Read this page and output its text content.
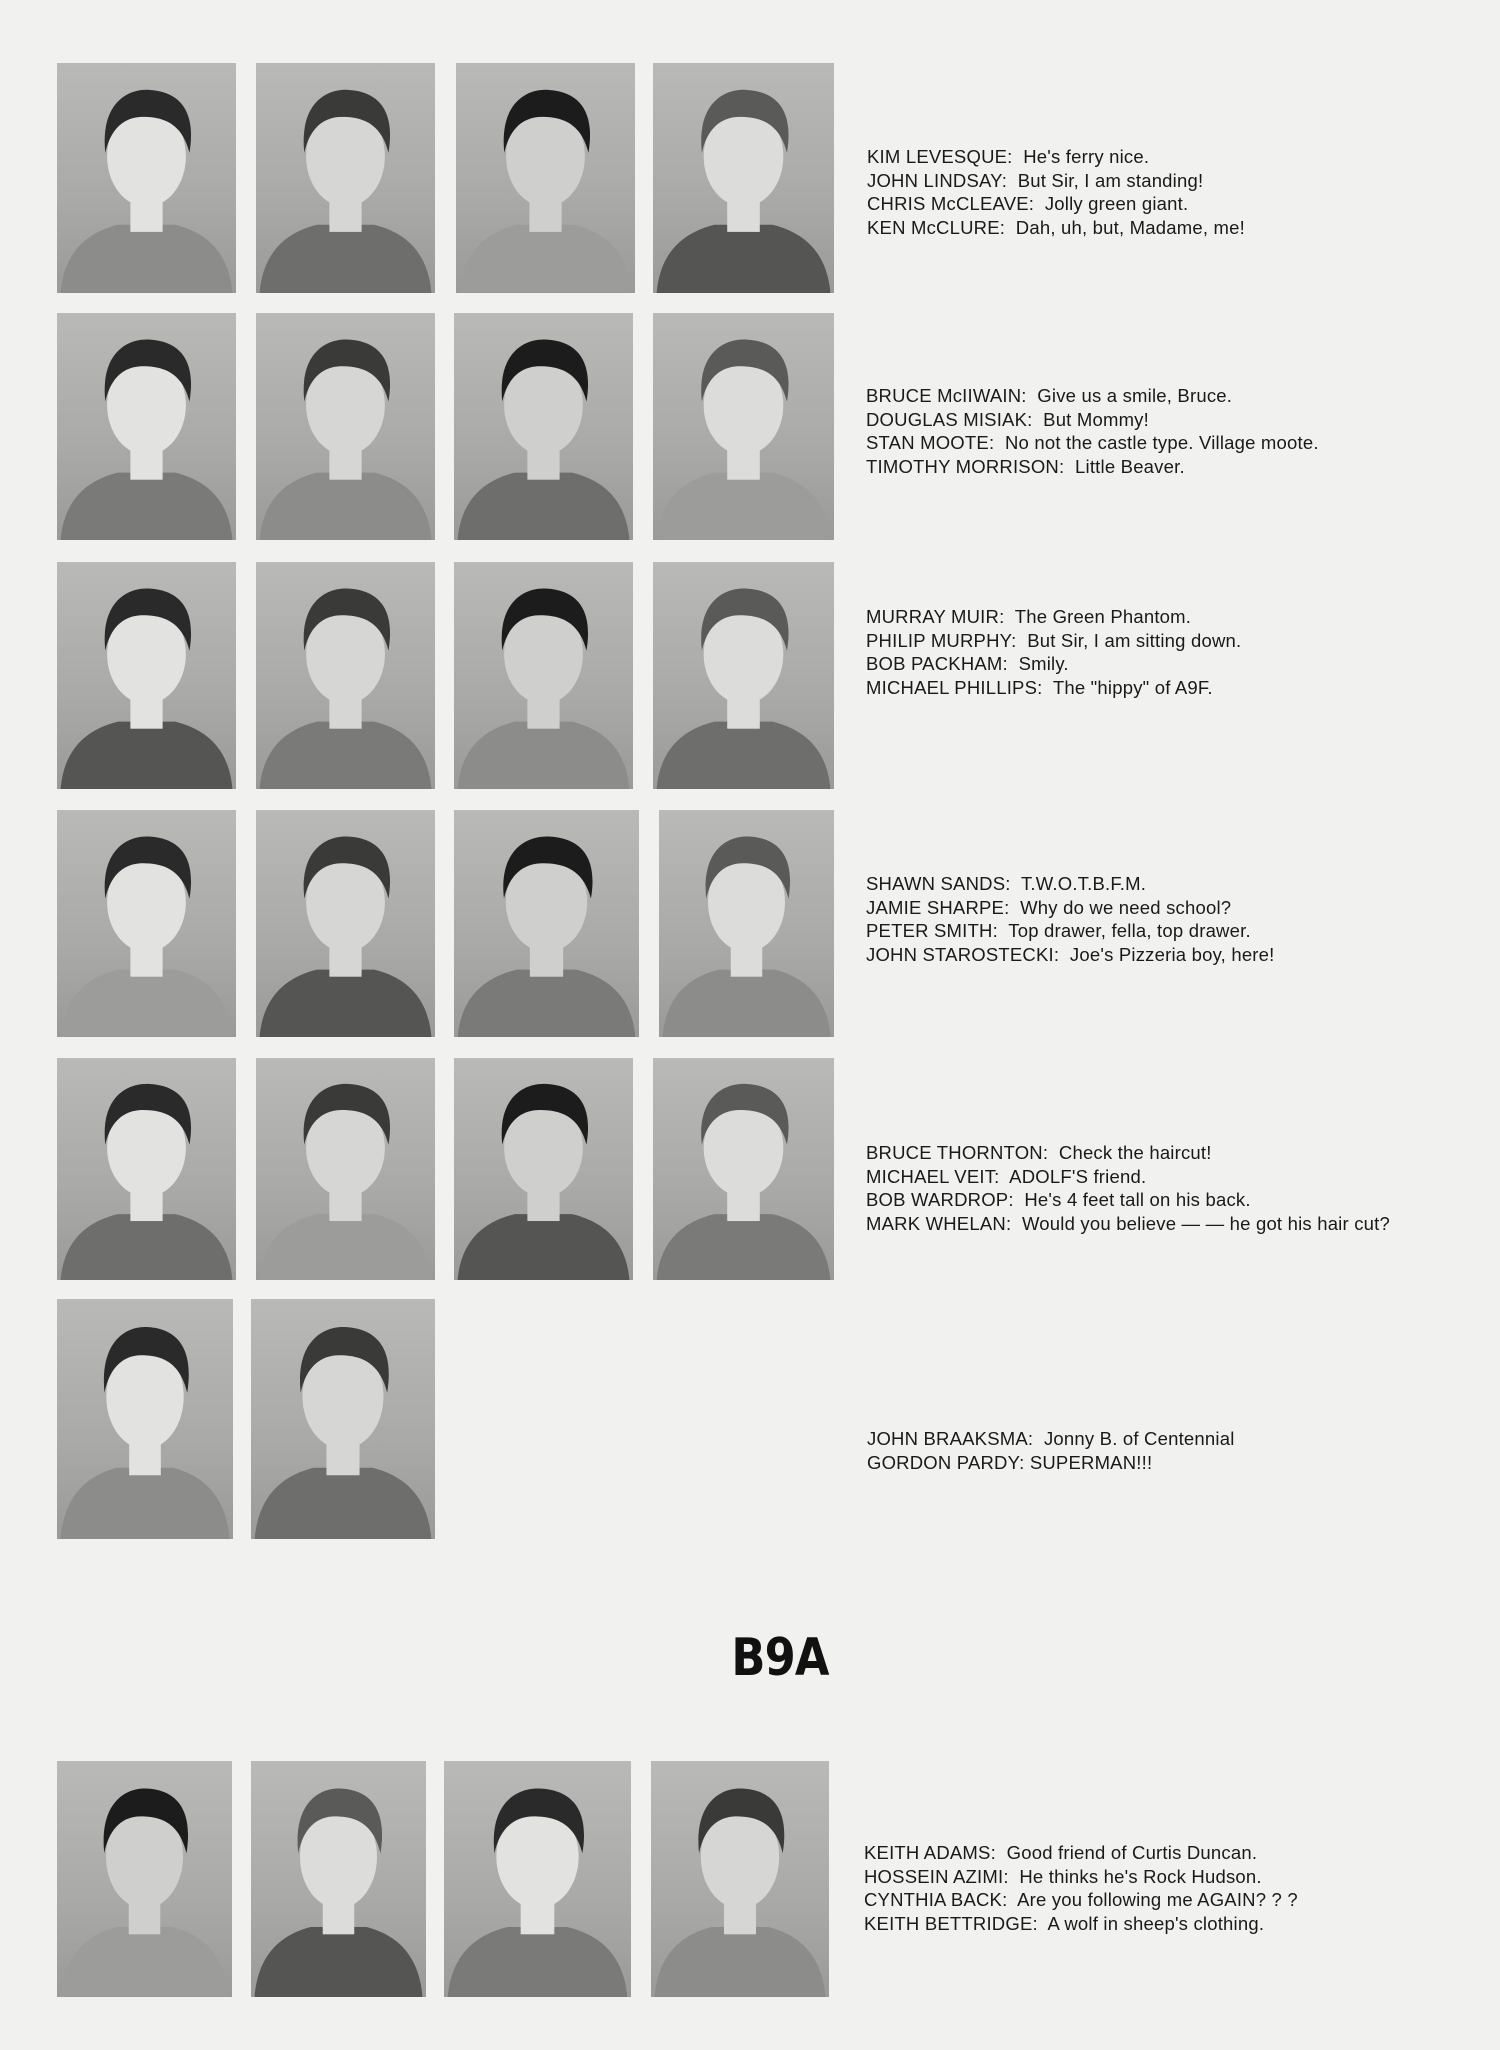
KIM LEVESQUE:  He's ferry nice.
JOHN LINDSAY:  But Sir, I am standing!
CHRIS McCLEAVE:  Jolly green giant.
KEN McCLURE:  Dah, uh, but, Madame, me!
BRUCE McIIWAIN:  Give us a smile, Bruce.
DOUGLAS MISIAK:  But Mommy!
STAN MOOTE:  No not the castle type. Village moote.
TIMOTHY MORRISON:  Little Beaver.
MURRAY MUIR:  The Green Phantom.
PHILIP MURPHY:  But Sir, I am sitting down.
BOB PACKHAM:  Smily.
MICHAEL PHILLIPS:  The "hippy" of A9F.
SHAWN SANDS:  T.W.O.T.B.F.M.
JAMIE SHARPE:  Why do we need school?
PETER SMITH:  Top drawer, fella, top drawer.
JOHN STAROSTECKI:  Joe's Pizzeria boy, here!
BRUCE THORNTON:  Check the haircut!
MICHAEL VEIT:  ADOLF'S friend.
BOB WARDROP:  He's 4 feet tall on his back.
MARK WHELAN:  Would you believe — — he got his hair cut?
JOHN BRAAKSMA:  Jonny B. of Centennial
GORDON PARDY: SUPERMAN!!!
B9A
KEITH ADAMS:  Good friend of Curtis Duncan.
HOSSEIN AZIMI:  He thinks he's Rock Hudson.
CYNTHIA BACK:  Are you following me AGAIN? ? ?
KEITH BETTRIDGE:  A wolf in sheep's clothing.
